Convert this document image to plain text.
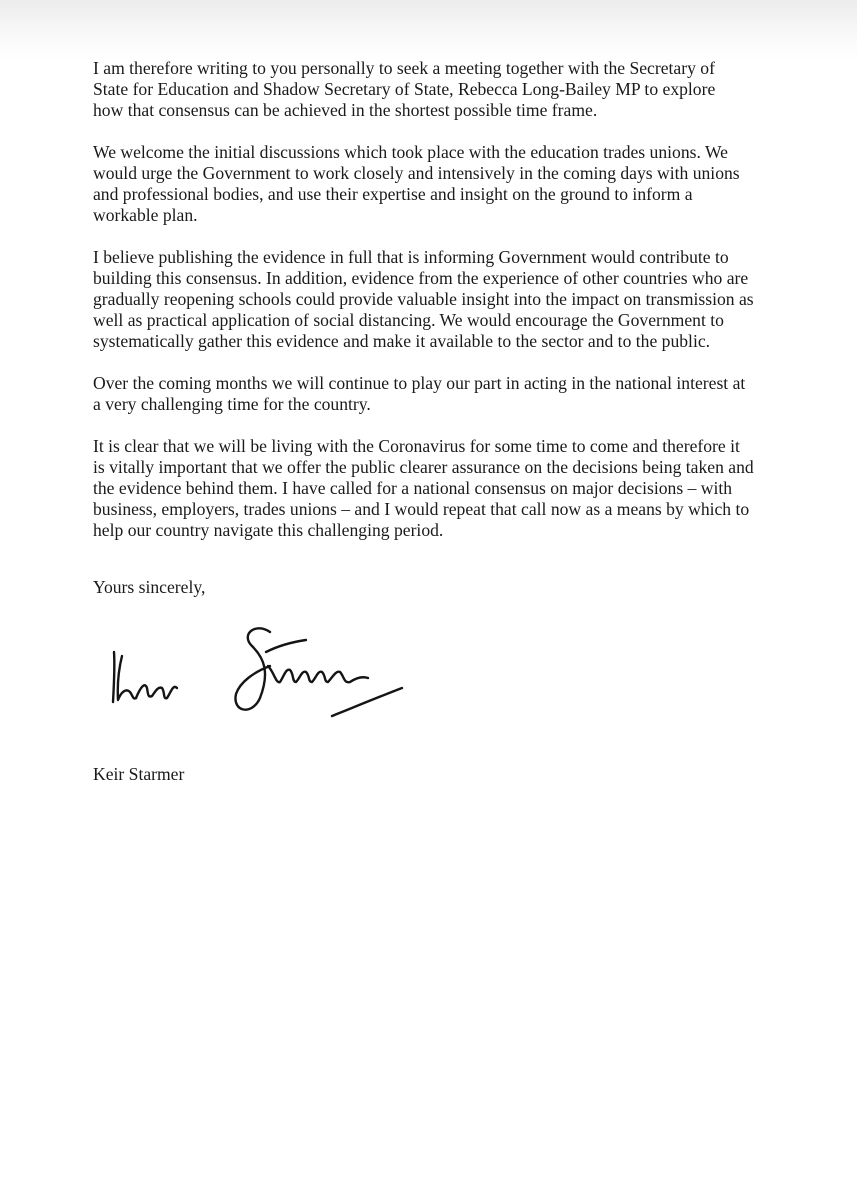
I am therefore writing to you personally to seek a meeting together with the Secretary of
State for Education and Shadow Secretary of State, Rebecca Long-Bailey MP to explore
how that consensus can be achieved in the shortest possible time frame.

We welcome the initial discussions which took place with the education trades unions. We
would urge the Government to work closely and intensively in the coming days with unions
and professional bodies, and use their expertise and insight on the ground to inform a
workable plan.

I believe publishing the evidence in full that is informing Government would contribute to
building this consensus. In addition, evidence from the experience of other countries who are
gradually reopening schools could provide valuable insight into the impact on transmission as
well as practical application of social distancing. We would encourage the Government to
systematically gather this evidence and make it available to the sector and to the public.

Over the coming months we will continue to play our part in acting in the national interest at
a very challenging time for the country.

It is clear that we will be living with the Coronavirus for some time to come and therefore it
is vitally important that we offer the public clearer assurance on the decisions being taken and
the evidence behind them. I have called for a national consensus on major decisions – with
business, employers, trades unions – and I would repeat that call now as a means by which to
help our country navigate this challenging period.

Yours sincerely,

Keir Starmer
